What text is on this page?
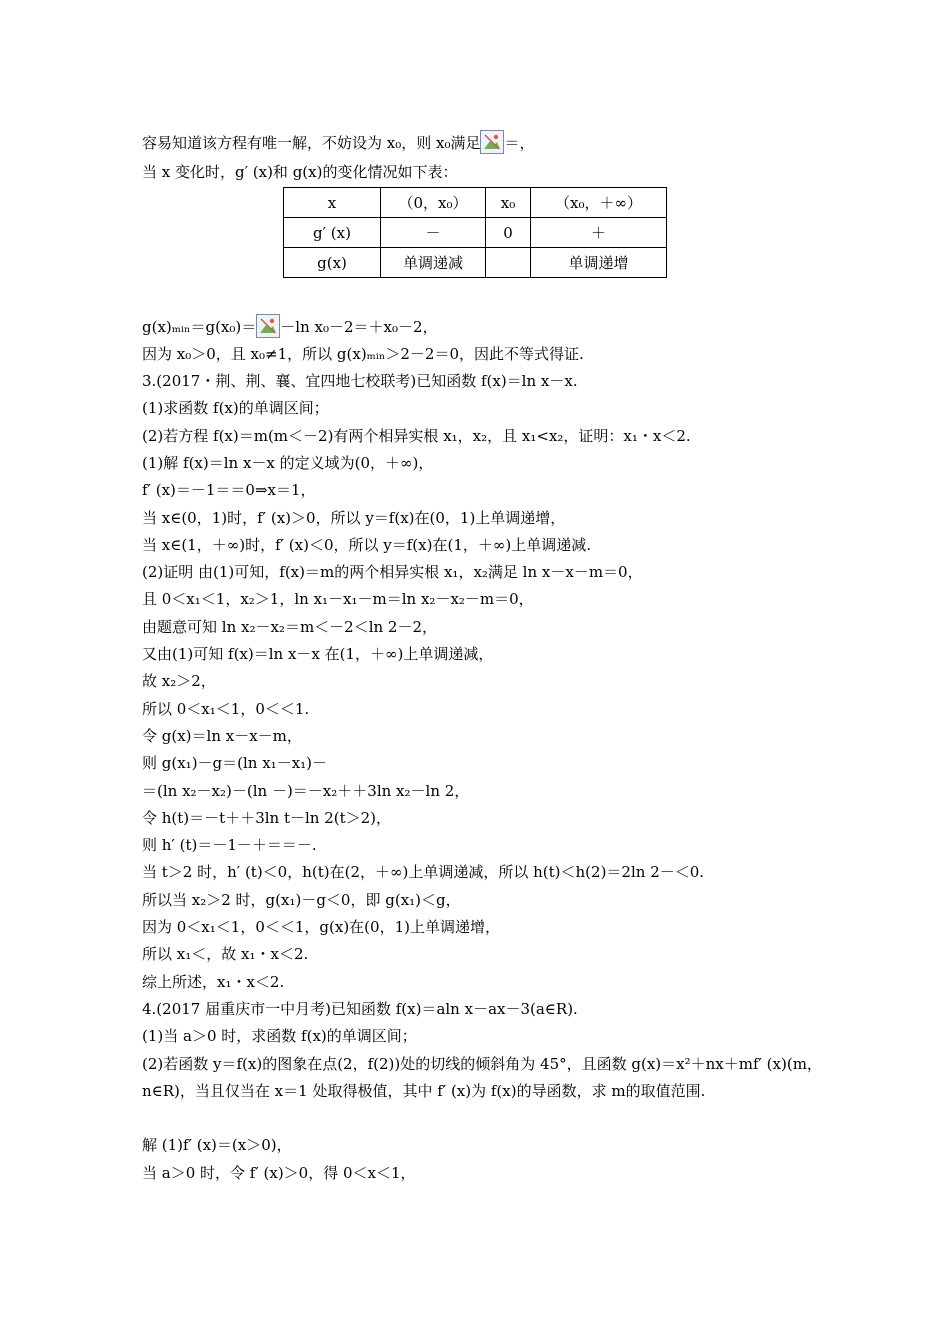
容易知道该方程有唯一解，不妨设为 x₀，则 x₀满足 ＝，
当 x 变化时，g′ (x)和 g(x)的变化情况如下表：
x	（0，x₀）	x₀	（x₀，＋∞）
g′ (x)	－	0	＋
g(x)	单调递减		单调递增
g(x)ₘᵢₙ＝g(x₀)＝ －ln x₀－2＝＋x₀－2，
因为 x₀＞0，且 x₀≠1，所以 g(x)ₘᵢₙ＞2－2＝0，因此不等式得证.
3.(2017・荆、荆、襄、宜四地七校联考)已知函数 f(x)＝ln x－x.
(1)求函数 f(x)的单调区间；
(2)若方程 f(x)＝m(m＜－2)有两个相异实根 x₁，x₂，且 x₁<x₂，证明：x₁・x＜2.
(1)解 f(x)＝ln x－x 的定义域为(0，＋∞)，
f′ (x)＝－1＝＝0⇒x＝1，
当 x∈(0，1)时，f′ (x)＞0，所以 y＝f(x)在(0，1)上单调递增，
当 x∈(1，＋∞)时，f′ (x)＜0，所以 y＝f(x)在(1，＋∞)上单调递减.
(2)证明 由(1)可知，f(x)＝m的两个相异实根 x₁，x₂满足 ln x－x－m＝0，
且 0＜x₁＜1，x₂＞1，ln x₁－x₁－m＝ln x₂－x₂－m＝0，
由题意可知 ln x₂－x₂＝m＜－2＜ln 2－2，
又由(1)可知 f(x)＝ln x－x 在(1，＋∞)上单调递减，
故 x₂＞2，
所以 0＜x₁＜1，0＜＜1.
令 g(x)＝ln x－x－m，
则 g(x₁)－g＝(ln x₁－x₁)－
＝(ln x₂－x₂)－(ln －)＝－x₂＋＋3ln x₂－ln 2，
令 h(t)＝－t＋＋3ln t－ln 2(t＞2)，
则 h′ (t)＝－1－＋＝＝－.
当 t＞2 时，h′ (t)＜0，h(t)在(2，＋∞)上单调递减，所以 h(t)＜h(2)＝2ln 2－＜0.
所以当 x₂＞2 时，g(x₁)－g＜0，即 g(x₁)＜g，
因为 0＜x₁＜1，0＜＜1，g(x)在(0，1)上单调递增，
所以 x₁＜，故 x₁・x＜2.
综上所述，x₁・x＜2.
4.(2017 届重庆市一中月考)已知函数 f(x)＝aln x－ax－3(a∈R).
(1)当 a＞0 时，求函数 f(x)的单调区间；
(2)若函数 y＝f(x)的图象在点(2，f(2))处的切线的倾斜角为 45°，且函数 g(x)＝x²＋nx＋mf′ (x)(m，n∈R)，当且仅当在 x＝1 处取得极值，其中 f′ (x)为 f(x)的导函数，求 m的取值范围.
解 (1)f′ (x)＝(x＞0)，
当 a＞0 时，令 f′ (x)＞0，得 0＜x＜1，
